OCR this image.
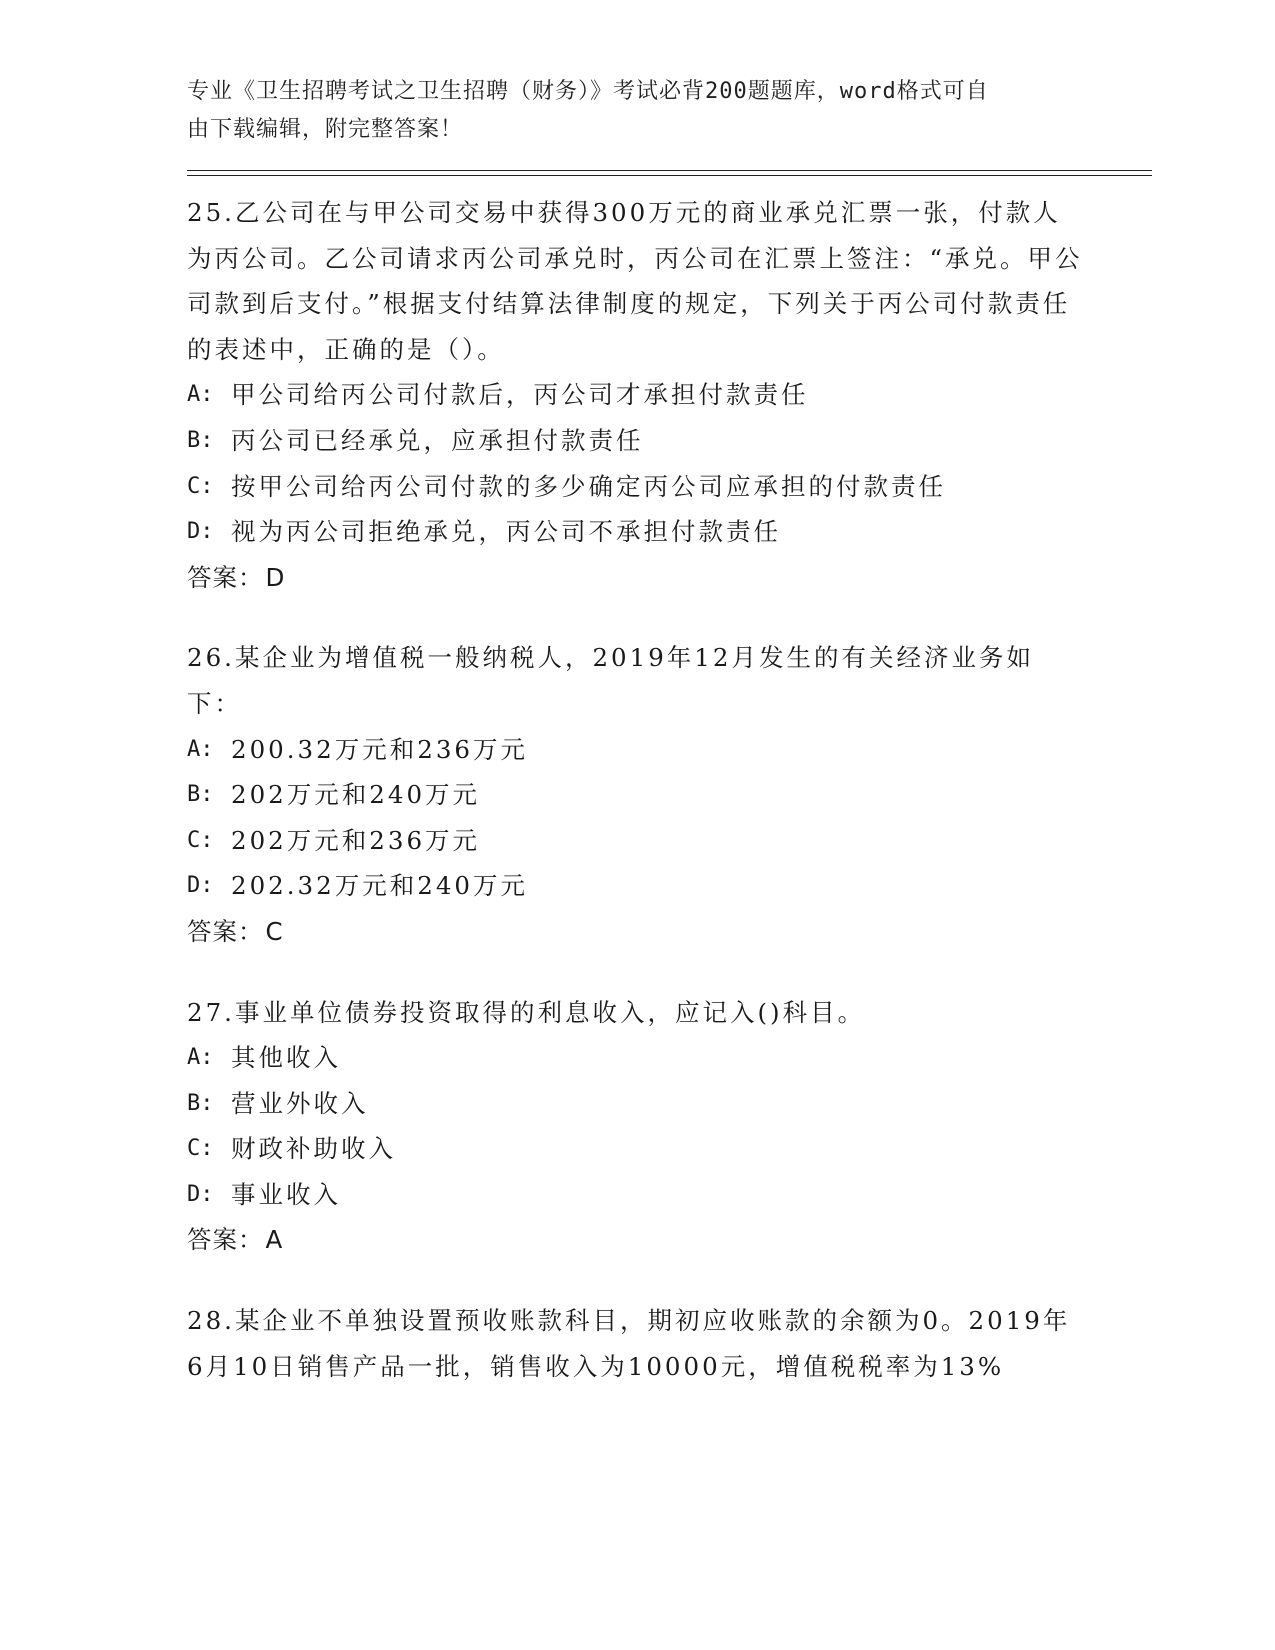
专业《卫生招聘考试之卫生招聘（财务）》考试必背200题题库，word格式可自
由下载编辑，附完整答案！

25.乙公司在与甲公司交易中获得300万元的商业承兑汇票一张，付款人为丙公司。乙公司请求丙公司承兑时，丙公司在汇票上签注：“承兑。甲公司款到后支付。”根据支付结算法律制度的规定，下列关于丙公司付款责任的表述中，正确的是（）。

A: 甲公司给丙公司付款后，丙公司才承担付款责任
B: 丙公司已经承兑，应承担付款责任
C: 按甲公司给丙公司付款的多少确定丙公司应承担的付款责任
D: 视为丙公司拒绝承兑，丙公司不承担付款责任

答案：D

26.某企业为增值税一般纳税人，2019年12月发生的有关经济业务如下：

A: 200.32万元和236万元
B: 202万元和240万元
C: 202万元和236万元
D: 202.32万元和240万元

答案：C

27.事业单位债券投资取得的利息收入，应记入()科目。

A: 其他收入
B: 营业外收入
C: 财政补助收入
D: 事业收入

答案：A

28.某企业不单独设置预收账款科目，期初应收账款的余额为0。2019年6月10日销售产品一批，销售收入为10000元，增值税税率为13%
